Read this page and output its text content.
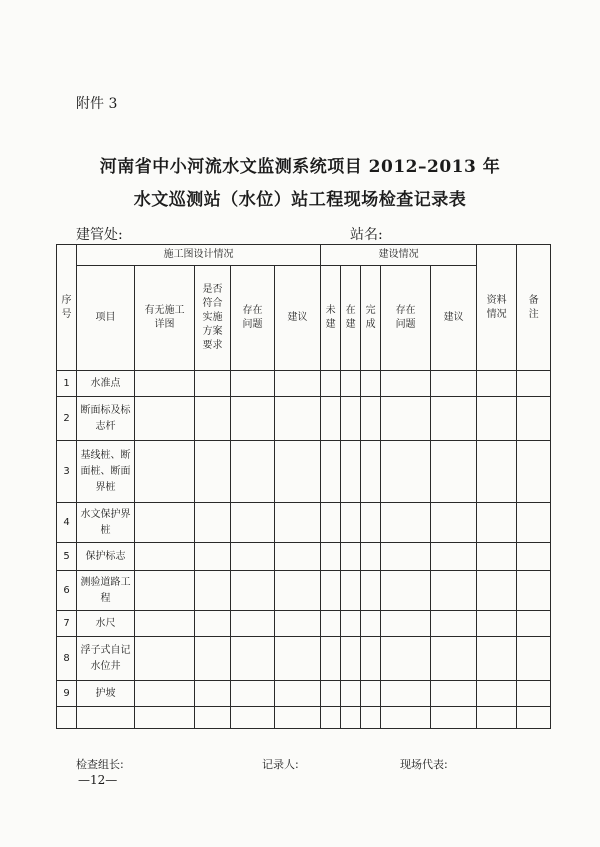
附件 3
河南省中小河流水文监测系统项目 2012–2013 年
水文巡测站（水位）站工程现场检查记录表
建管处:	站名:
序号	施工图设计情况					建设情况					资料情况	备注
	项目	有无施工详图	是否符合实施方案要求	存在问题	建议	未建	在建	完成	存在问题	建议		
1	水准点											
2	断面标及标志杆											
3	基线桩、断面桩、断面界桩											
4	水文保护界桩											
5	保护标志											
6	测验道路工程											
7	水尺											
8	浮子式自记水位井											
9	护坡											

检查组长:	记录人:	现场代表:
—12—
